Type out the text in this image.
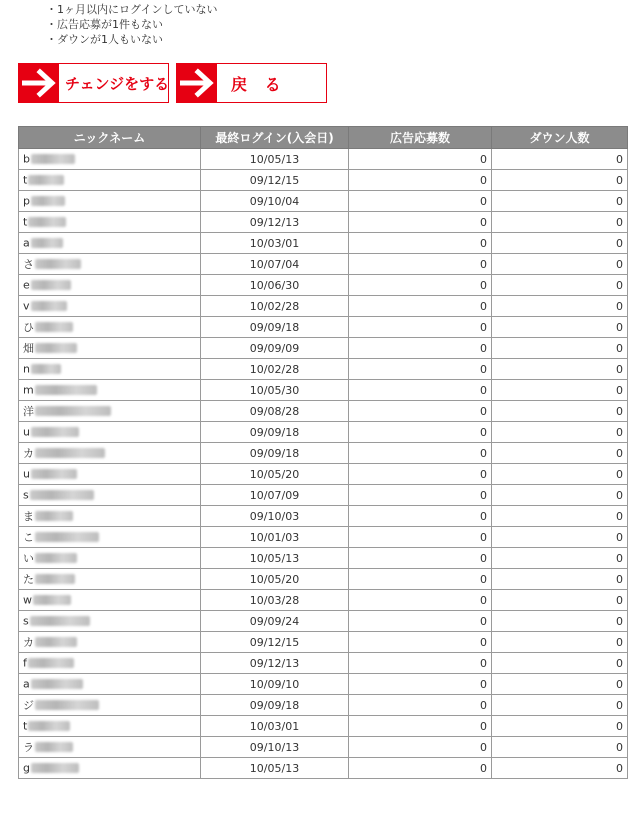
・1ヶ月以内にログインしていない
・広告応募が1件もない
・ダウンが1人もいない
チェンジをする	戻 る
ニックネーム	最終ログイン(入会日)	広告応募数	ダウン人数
b	10/05/13	0	0
t	09/12/15	0	0
p	09/10/04	0	0
t	09/12/13	0	0
a	10/03/01	0	0
さ	10/07/04	0	0
e	10/06/30	0	0
v	10/02/28	0	0
ひ	09/09/18	0	0
畑	09/09/09	0	0
n	10/02/28	0	0
m	10/05/30	0	0
洋	09/08/28	0	0
u	09/09/18	0	0
カ	09/09/18	0	0
u	10/05/20	0	0
s	10/07/09	0	0
ま	09/10/03	0	0
こ	10/01/03	0	0
い	10/05/13	0	0
た	10/05/20	0	0
w	10/03/28	0	0
s	09/09/24	0	0
カ	09/12/15	0	0
f	09/12/13	0	0
a	10/09/10	0	0
ジ	09/09/18	0	0
t	10/03/01	0	0
ラ	09/10/13	0	0
g	10/05/13	0	0
